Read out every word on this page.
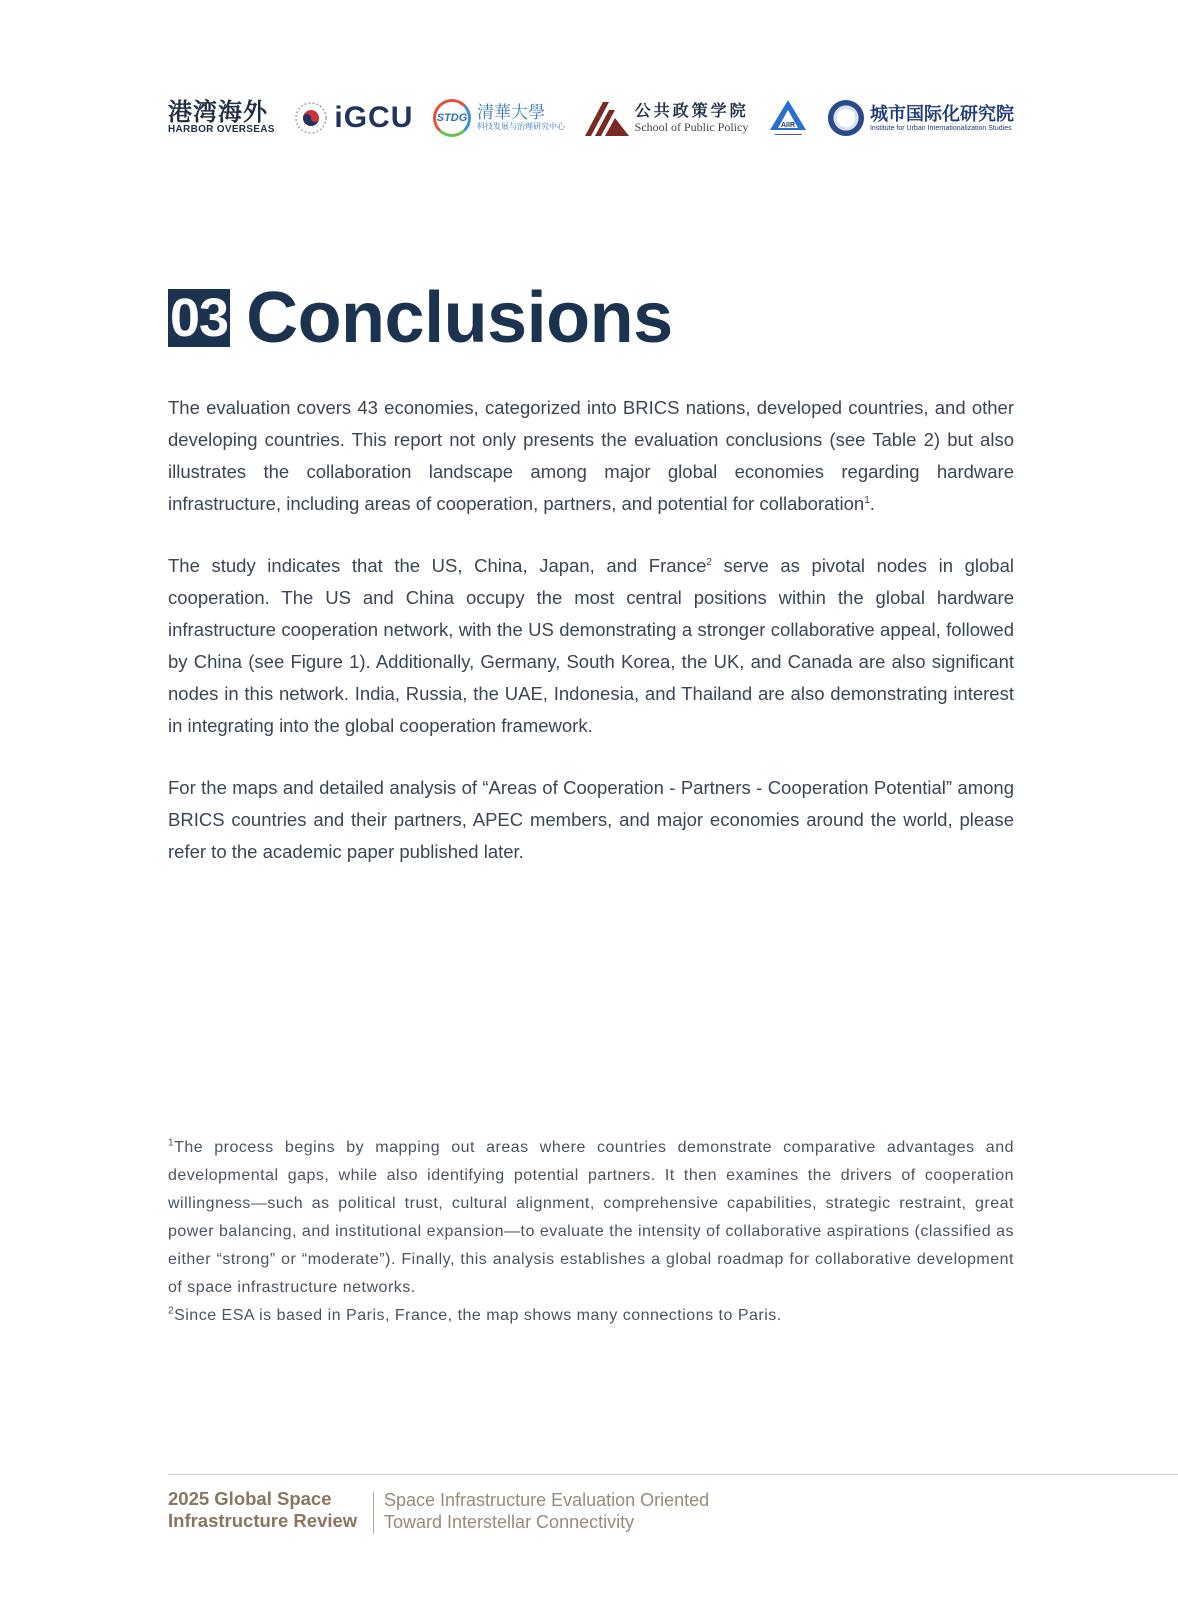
港湾海外
HARBOR OVERSEAS iGCU	STDG 清華大學
科技发展与治理研究中心
公共政策学院
School of Public Policy	AIIR
━━━━━━━━━
城市国际化研究院
Institute for Urban Internationalization Studies
03 Conclusions

The evaluation covers 43 economies, categorized into BRICS nations, developed countries, and other developing countries. This report not only presents the evaluation conclusions (see Table 2) but also illustrates the collaboration landscape among major global economies regarding hardware infrastructure, including areas of cooperation, partners, and potential for collaboration$^1$.

The study indicates that the US, China, Japan, and France$^2$ serve as pivotal nodes in global cooperation. The US and China occupy the most central positions within the global hardware infrastructure cooperation network, with the US demonstrating a stronger collaborative appeal, followed by China (see Figure 1). Additionally, Germany, South Korea, the UK, and Canada are also significant nodes in this network. India, Russia, the UAE, Indonesia, and Thailand are also demonstrating interest in integrating into the global cooperation framework.

For the maps and detailed analysis of “Areas of Cooperation - Partners - Cooperation Potential” among BRICS countries and their partners, APEC members, and major economies around the world, please refer to the academic paper published later.

$^1$The process begins by mapping out areas where countries demonstrate comparative advantages and developmental gaps, while also identifying potential partners. It then examines the drivers of cooperation willingness—such as political trust, cultural alignment, comprehensive capabilities, strategic restraint, great power balancing, and institutional expansion—to evaluate the intensity of collaborative aspirations (classified as either “strong” or “moderate”). Finally, this analysis establishes a global roadmap for collaborative development of space infrastructure networks.

$^2$Since ESA is based in Paris, France, the map shows many connections to Paris.

2025 Global Space
Infrastructure Review
Space Infrastructure Evaluation Oriented
Toward Interstellar Connectivity
